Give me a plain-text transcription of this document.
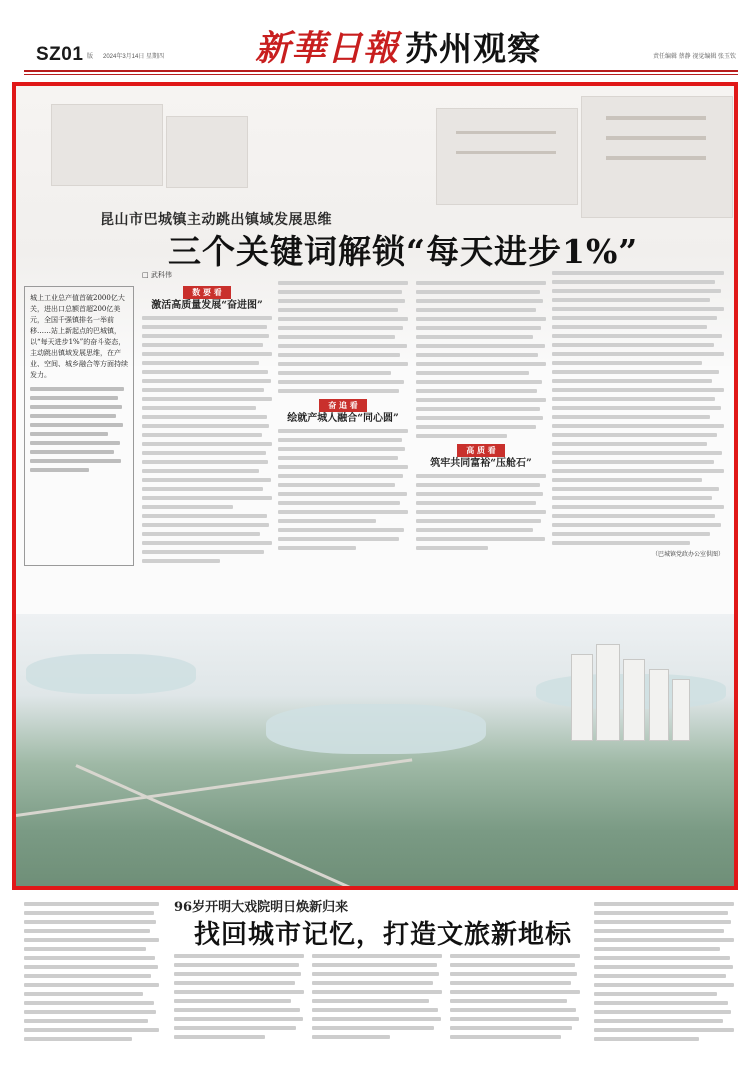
SZ01 版 2024年3月14日 星期四	新華日報 苏州观察	责任编辑 蔡静 视觉编辑 张玉钦
昆山市巴城镇主动跳出镇域发展思维
三个关键词解锁“每天进步1%”
城上工业总产值首破2000亿大关，进出口总额首超200亿美元，全国千强镇排名一举前移……站上新起点的巴城镇，以“每天进步1%”的奋斗姿态，主动跳出镇域发展思维，在产业、空间、城乡融合等方面持续发力。
□ 武科伟
数 要 看
激活高质量发展“奋进图”
奋 追 看
绘就产城人融合“同心圆”
高 质 看
筑牢共同富裕“压舱石”
（巴城镇党政办公室供图）
96岁开明大戏院明日焕新归来
找回城市记忆，打造文旅新地标
